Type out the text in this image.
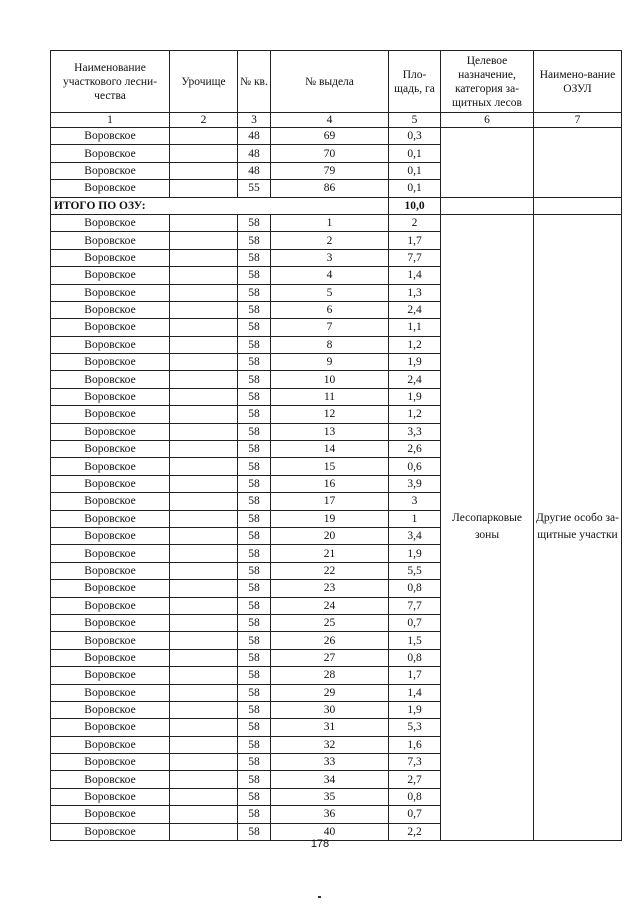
Наименование участкового лесни-чества	Урочище	№ кв.	№ выдела	Пло-щадь, га	Целевое назначение, категория за-щитных лесов	Наимено-вание ОЗУЛ
1	2	3	4	5	6	7
Воровское		48	69	0,3		
Воровское		48	70	0,1		
Воровское		48	79	0,1		
Воровское		55	86	0,1		
ИТОГО ПО ОЗУ:				10,0		
Воровское		58	1	2	Лесопарковые зоны	Другие особо за-щитные участки
Воровское		58	2	1,7		
Воровское		58	3	7,7		
Воровское		58	4	1,4		
Воровское		58	5	1,3		
Воровское		58	6	2,4		
Воровское		58	7	1,1		
Воровское		58	8	1,2		
Воровское		58	9	1,9		
Воровское		58	10	2,4		
Воровское		58	11	1,9		
Воровское		58	12	1,2		
Воровское		58	13	3,3		
Воровское		58	14	2,6		
Воровское		58	15	0,6		
Воровское		58	16	3,9		
Воровское		58	17	3		
Воровское		58	19	1		
Воровское		58	20	3,4		
Воровское		58	21	1,9		
Воровское		58	22	5,5		
Воровское		58	23	0,8		
Воровское		58	24	7,7		
Воровское		58	25	0,7		
Воровское		58	26	1,5		
Воровское		58	27	0,8		
Воровское		58	28	1,7		
Воровское		58	29	1,4		
Воровское		58	30	1,9		
Воровское		58	31	5,3		
Воровское		58	32	1,6		
Воровское		58	33	7,3		
Воровское		58	34	2,7		
Воровское		58	35	0,8		
Воровское		58	36	0,7		
Воровское		58	40	2,2		
178
